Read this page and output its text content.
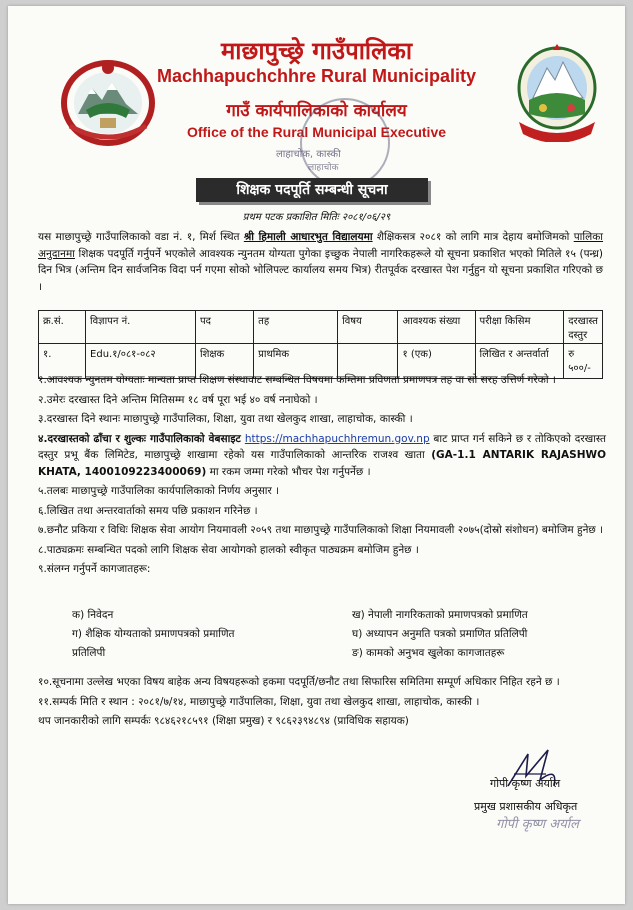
माछापुच्छ्रे गाउँपालिका
Machhapuchchhre Rural Municipality
गाउँ कार्यपालिकाको कार्यालय
Office of the Rural Municipal Executive
लाहाचोक, कास्की
लाहाचोक
शिक्षक पदपूर्ति सम्बन्धी सूचना
प्रथम पटक प्रकाशित मितिः २०८१/०६/२९
यस माछापुच्छ्रे गाउँपालिकाको वडा नं. १, मिर्श स्थित श्री हिमाली आधारभुत विद्यालयमा शैक्षिकसत्र २०८१ को लागि मात्र देहाय बमोजिमको पालिका अनुदानमा शिक्षक पदपूर्ति गर्नुपर्ने भएकोले आवश्यक न्युनतम योग्यता पुगेका इच्छुक नेपाली नागरिकहरूले यो सूचना प्रकाशित भएको मितिले १५ (पन्ध्र) दिन भित्र (अन्तिम दिन सार्वजनिक विदा पर्न गएमा सोको भोलिपल्ट कार्यालय समय भित्र) रीतपूर्वक दरखास्त पेश गर्नुहुन यो सूचना प्रकाशित गरिएको छ ।
क्र.सं.	विज्ञापन नं.	पद	तह	विषय	आवश्यक संख्या	परीक्षा किसिम	दरखास्त दस्तुर
१.	Edu.१/०८१-०८२	शिक्षक	प्राथमिक		१ (एक)	लिखित र अन्तर्वार्ता	रु ५००/-

१.आवश्यक न्युनतम योग्यताः मान्यता प्राप्त शिक्षण संस्थावाट सम्बन्धित विषयमा कम्तिमा प्रविणता प्रमाणपत्र तह वा सो सरह उत्तिर्ण गरेको ।

२.उमेरः दरखास्त दिने अन्तिम मितिसम्म १८ वर्ष पूरा भई ४० वर्ष ननाघेको ।

३.दरखास्त दिने स्थानः माछापुच्छ्रे गाउँपालिका, शिक्षा, युवा तथा खेलकुद शाखा, लाहाचोक, कास्की ।

४.दरखास्तको ढाँचा र शुल्कः गाउँपालिकाको वेबसाइट https://machhapuchhremun.gov.np बाट प्राप्त गर्न सकिने छ र तोकिएको दरखास्त दस्तुर प्रभू बैंक लिमिटेड, माछापुच्छ्रे शाखामा रहेको यस गाउँपालिकाको आन्तरिक राजश्व खाता (GA-1.1 ANTARIK RAJASHWO KHATA, 1400109223400069) मा रकम जम्मा गरेको भौचर पेश गर्नुपर्नेछ ।

५.तलबः माछापुच्छ्रे गाउँपालिका कार्यपालिकाको निर्णय अनुसार ।

६.लिखित तथा अन्तरवार्ताको समय पछि प्रकाशन गरिनेछ ।

७.छनौट प्रकिया र विधिः शिक्षक सेवा आयोग नियमावली २०५९ तथा माछापुच्छ्रे गाउँपालिकाको शिक्षा नियमावली २०७५(दोस्रो संशोधन) बमोजिम हुनेछ ।

८.पाठ्यक्रमः सम्बन्धित पदको लागि शिक्षक सेवा आयोगको हालको स्वीकृत पाठ्यक्रम बमोजिम हुनेछ ।

९.संलग्न गर्नुपर्ने कागजातहरू:

क) निवेदन
ग) शैक्षिक योग्यताको प्रमाणपत्रको प्रमाणित
प्रतिलिपी
ख) नेपाली नागरिकताको प्रमाणपत्रको प्रमाणित
घ) अध्यापन अनुमति पत्रको प्रमाणित प्रतिलिपी
ङ) कामको अनुभव खुलेका कागजातहरू

१०.सूचनामा उल्लेख भएका विषय बाहेक अन्य विषयहरूको हकमा पदपूर्ति/छनौट तथा सिफारिस समितिमा सम्पूर्ण अधिकार निहित रहने छ ।

११.सम्पर्क मिति र स्थान : २०८१/७/१४, माछापुच्छ्रे गाउँपालिका, शिक्षा, युवा तथा खेलकुद शाखा, लाहाचोक, कास्की ।

थप जानकारीको लागि सम्पर्कः ९८४६२१८५९१ (शिक्षा प्रमुख) र ९८६२३९४८९४ (प्राविधिक सहायक)

गोपी कृष्ण अर्याल
प्रमुख प्रशासकीय अधिकृत
गोपी कृष्ण अर्याल
